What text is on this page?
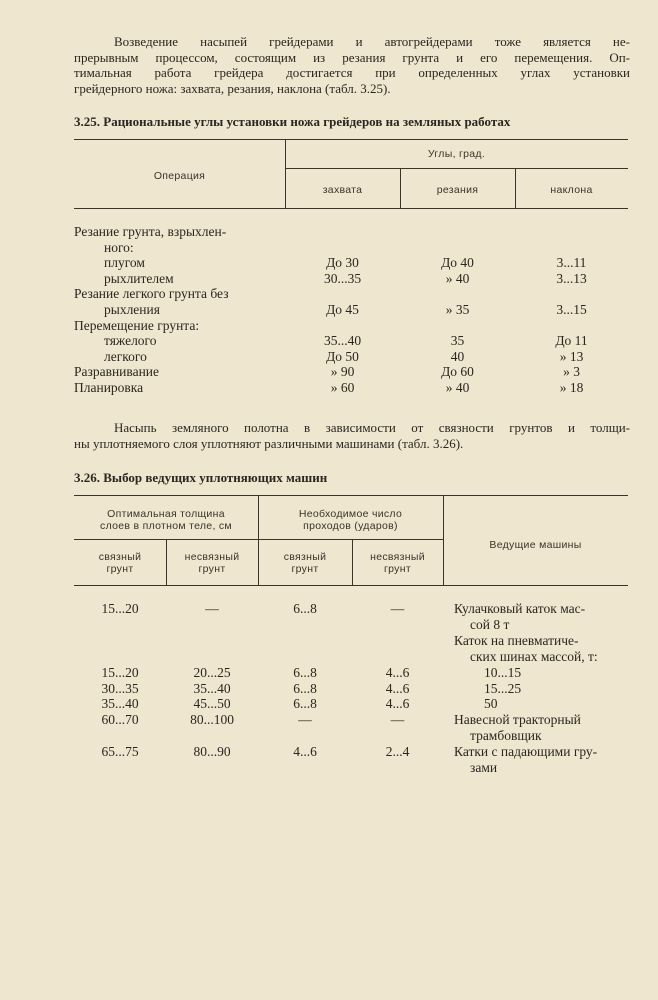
Возведение насыпей грейдерами и автогрейдерами тоже является не-
прерывным процессом, состоящим из резания грунта и его перемещения. Оп-
тимальная работа грейдера достигается при определенных углах установки
грейдерного ножа: захвата, резания, наклона (табл. 3.25).
3.25. Рациональные углы установки ножа грейдеров на земляных работах
Операция
Углы, град.
захвата	резания	наклона
Резание грунта, взрыхлен-
ного:
плугом	До 30	До 40	3...11
рыхлителем	30...35	» 40	3...13
Резание легкого грунта без
рыхления	До 45	» 35	3...15
Перемещение грунта:
тяжелого	35...40	35	До 11
легкого	До 50	40	» 13
Разравнивание	» 90	До 60	» 3
Планировка	» 60	» 40	» 18
Насыпь земляного полотна в зависимости от связности грунтов и толщи-
ны уплотняемого слоя уплотняют различными машинами (табл. 3.26).
3.26. Выбор ведущих уплотняющих машин
Оптимальная толщина
слоев в плотном теле, см
Необходимое число
проходов (ударов)
связный
грунт
несвязный
грунт
связный
грунт
несвязный
грунт
Ведущие машины
15...20	—	6...8	—	Кулачковый каток мас-
сой 8 т
Каток на пневматиче-
ских шинах массой, т:
15...20	20...25	6...8	4...6	10...15
30...35	35...40	6...8	4...6	15...25
35...40	45...50	6...8	4...6	50
60...70	80...100	—	—	Навесной тракторный
трамбовщик
65...75	80...90	4...6	2...4	Катки с падающими гру-
зами
